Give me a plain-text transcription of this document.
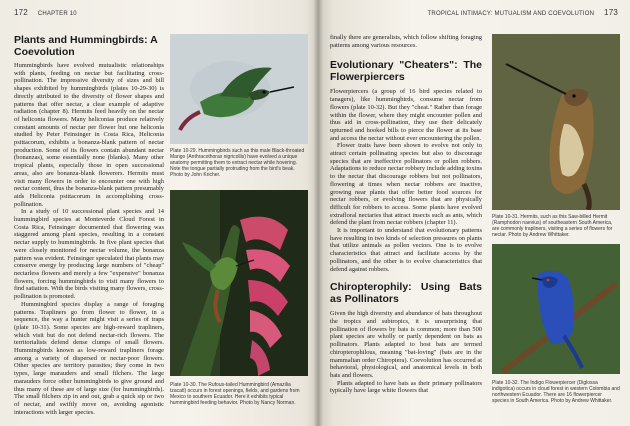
172 CHAPTER 10
Plants and Hummingbirds: A Coevolution

Hummingbirds have evolved mutualistic relationships with plants, feeding on nectar but facilitating cross-pollination. The impressive diversity of sizes and bill shapes exhibited by hummingbirds (plates 10-29-30) is directly attributed to the diversity of flower shapes and patterns that offer nectar, a clear example of adaptive radiation (chapter 8). Hermits feed heavily on the nectar of heliconia flowers. Many heliconias produce relatively constant amounts of nectar per flower but one heliconia studied by Peter Feinsinger in Costa Rica, Heliconia psittacorum, exhibits a bonanza-blank pattern of nectar production. Some of its flowers contain abundant nectar (bonanzas), some essentially none (blanks). Many other tropical plants, especially those in open successional areas, also are bonanza-blank flowerers. Hermits must visit many flowers in order to encounter one with high nectar content, thus the bonanza-blank pattern presumably aids Heliconia psittacorum in accomplishing cross-pollination.

In a study of 10 successional plant species and 14 hummingbird species at Monteverde Cloud Forest in Costa Rica, Feinsinger documented that flowering was staggered among plant species, resulting in a constant nectar supply to hummingbirds. In five plant species that were closely monitored for nectar volume, the bonanza pattern was evident. Feinsinger speculated that plants may conserve energy by producing large numbers of "cheap" nectarless flowers and merely a few "expensive" bonanza flowers, forcing hummingbirds to visit many flowers to find satiation. With the birds visiting many flowers, cross-pollination is promoted.

Hummingbird species display a range of foraging patterns. Trapliners go from flower to flower, in a sequence, the way a hunter might visit a series of traps (plate 10-31). Some species are high-reward trapliners, which visit but do not defend nectar-rich flowers. The territorialists defend dense clumps of small flowers. Hummingbirds known as low-reward trapliners forage among a variety of dispersed or nectar-poor flowers. Other species are territory parasites; they come in two types, large marauders and small filchers. The large marauders force other hummingbirds to give ground and thus many of these are of large size (for hummingbirds). The small filchers zip in and out, grab a quick sip or two of nectar, and swiftly move on, avoiding agonistic interactions with larger species.

Plate 10-29. Hummingbirds such as this male Black-throated Mango (Anthracothorax nigricollis) have evolved a unique anatomy permitting them to extract nectar while hovering. Note the tongue partially protruding from the bird's beak. Photo by John Kricher.
Plate 10-30. The Rufous-tailed Hummingbird (Amazilia tzacatl) occurs in forest openings, fields, and gardens from Mexico to southern Ecuador. Here it exhibits typical hummingbird feeding behavior. Photo by Nancy Norman.
TROPICAL INTIMACY: MUTUALISM AND COEVOLUTION 173

finally there are generalists, which follow shifting foraging patterns among various resources.

Evolutionary "Cheaters": The Flowerpiercers

Flowerpiercers (a group of 16 bird species related to tanagers), like hummingbirds, consume nectar from flowers (plate 10-32). But they "cheat." Rather than forage within the flower, where they might encounter pollen and thus aid in cross-pollination, they use their delicately upturned and hooked bills to pierce the flower at its base and access the nectar without ever encountering the pollen.

Flower traits have been shown to evolve not only to attract certain pollinating species but also to discourage species that are ineffective pollinators or pollen robbers. Adaptations to reduce nectar robbery include adding toxins to the nectar that discourage robbers but not pollinators, flowering at times when nectar robbers are inactive, growing near plants that offer better food sources for nectar robbers, or evolving flowers that are physically difficult for robbers to access. Some plants have evolved extrafloral nectaries that attract insects such as ants, which defend the plant from nectar robbers (chapter 11).

It is important to understand that evolutionary patterns have resulting in two kinds of selection pressures on plants that utilize animals as pollen vectors. One is to evolve characteristics that attract and facilitate access by the pollinators, and the other is to evolve characteristics that defend against robbers.

Chiropterophily: Using Bats as Pollinators

Given the high diversity and abundance of bats throughout the tropics and subtropics, it is unsurprising that pollination of flowers by bats is common; more than 500 plant species are wholly or partly dependent on bats as pollinators. Plants adapted to host bats are termed chiropterophilous, meaning "bat-loving" (bats are in the mammalian order Chiroptera). Coevolution has occurred at behavioral, physiological, and anatomical levels in both bats and flowers.

Plants adapted to have bats as their primary pollinators typically have large white flowers that

Plate 10-31. Hermits, such as this Saw-billed Hermit (Ramphodon naevius) of southeastern South America, are commonly trapliners, visiting a series of flowers for nectar. Photo by Andrew Whittaker.
Plate 10-32. The Indigo Flowerpiercer (Diglossa indigotica) occurs in cloud forest in western Colombia and northwestern Ecuador. There are 16 flowerpiercer species in South America. Photo by Andrew Whittaker.
